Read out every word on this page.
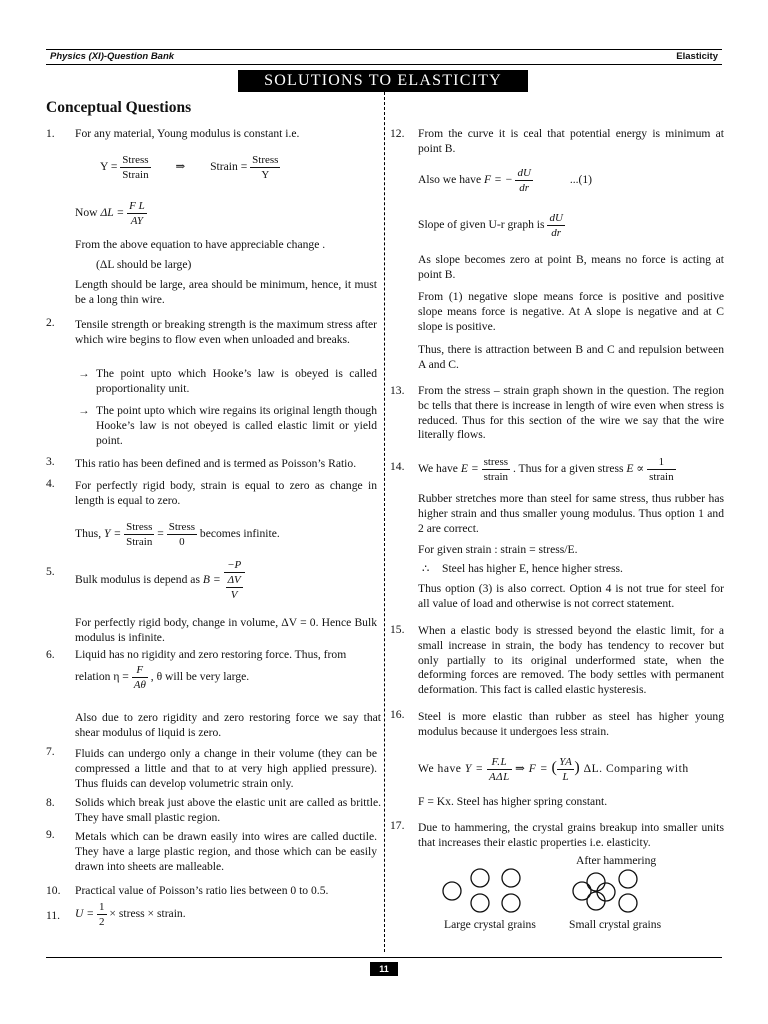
Physics (XI)-Question Bank	Elasticity
SOLUTIONS TO ELASTICITY
Conceptual Questions
1. For any material, Young modulus is constant i.e.
Y =
Stress
Strain
⇒ Strain =
Stress
Y
Now $\Delta L = \frac{\text{F L}}{AY}$
From the above equation to have appreciable change .
(ΔL should be large)
Length should be large, area should be minimum, hence, it must be a long thin wire.
2. Tensile strength or breaking strength is the maximum stress after which wire begins to flow even when unloaded and breaks.
→ The point upto which Hooke’s law is obeyed is called proportionality unit.
→ The point upto which wire regains its original length though Hooke’s law is not obeyed is called elastic limit or yield point.
3. This ratio has been defined and is termed as Poisson’s Ratio.
4. For perfectly rigid body, strain is equal to zero as change in length is equal to zero.
Thus, Y =
Stress
Strain
=
Stress
0
becomes infinite.
5.
Bulk modulus is depend as B =
−P
ΔV
V
For perfectly rigid body, change in volume, ΔV = 0. Hence Bulk modulus is infinite.
6. Liquid has no rigidity and zero restoring force. Thus, from
relation $\eta = \frac{F}{A\theta}$ , θ will be very large.
Also due to zero rigidity and zero restoring force we say that shear modulus of liquid is zero.
7. Fluids can undergo only a change in their volume (they can be compressed a little and that to at very high applied pressure). Thus fluids can develop volumetric strain only.
8. Solids which break just above the elastic unit are called as brittle. They have small plastic region.
9. Metals which can be drawn easily into wires are called ductile. They have a large plastic region, and those which can be easily drawn into sheets are malleable.
10. Practical value of Poisson’s ratio lies between 0 to 0.5.
11. $U = \frac{1}{2}$ × stress × strain.
12. From the curve it is ceal that potential energy is minimum at point B.
Also we have F = − $\frac{dU}{dr}$	...(1)
Slope of given U-r graph is $\frac{dU}{dr}$
As slope becomes zero at point B, means no force is acting at point B.
From (1) negative slope means force is positive and positive slope means force is negative. At A slope is negative and at C slope is positive.
Thus, there is attraction between B and C and repulsion between A and C.
13. From the stress – strain graph shown in the question. The region bc tells that there is increase in length of wire even when stress is reduced. Thus for this section of the wire we say that the wire literally flows.
14. We have E =
stress
strain
. Thus for a given stress E ∝
1
strain
Rubber stretches more than steel for same stress, thus rubber has higher strain and thus smaller young modulus. Thus option 1 and 2 are correct.
For given strain : strain = stress/E.
∴ Steel has higher E, hence higher stress.
Thus option (3) is also correct. Option 4 is not true for steel for all value of load and otherwise is not correct statement.
15. When a elastic body is stressed beyond the elastic limit, for a small increase in strain, the body has tendency to recover but only partially to its original underformed state, when the deforming forces are removed. The body settles with permanent deformation. This fact is called elastic hysteresis.
16. Steel is more elastic than rubber as steel has higher young modulus because it undergoes less strain.
We have Y =
F.L
AΔL
⇒ F = ( $\frac{YA}{L}$ ) ΔL. Comparing with
F = Kx. Steel has higher spring constant.
17. Due to hammering, the crystal grains breakup into smaller units that increases their elastic properties i.e. elasticity.
After hammering
Large crystal grains	Small crystal grains
11
